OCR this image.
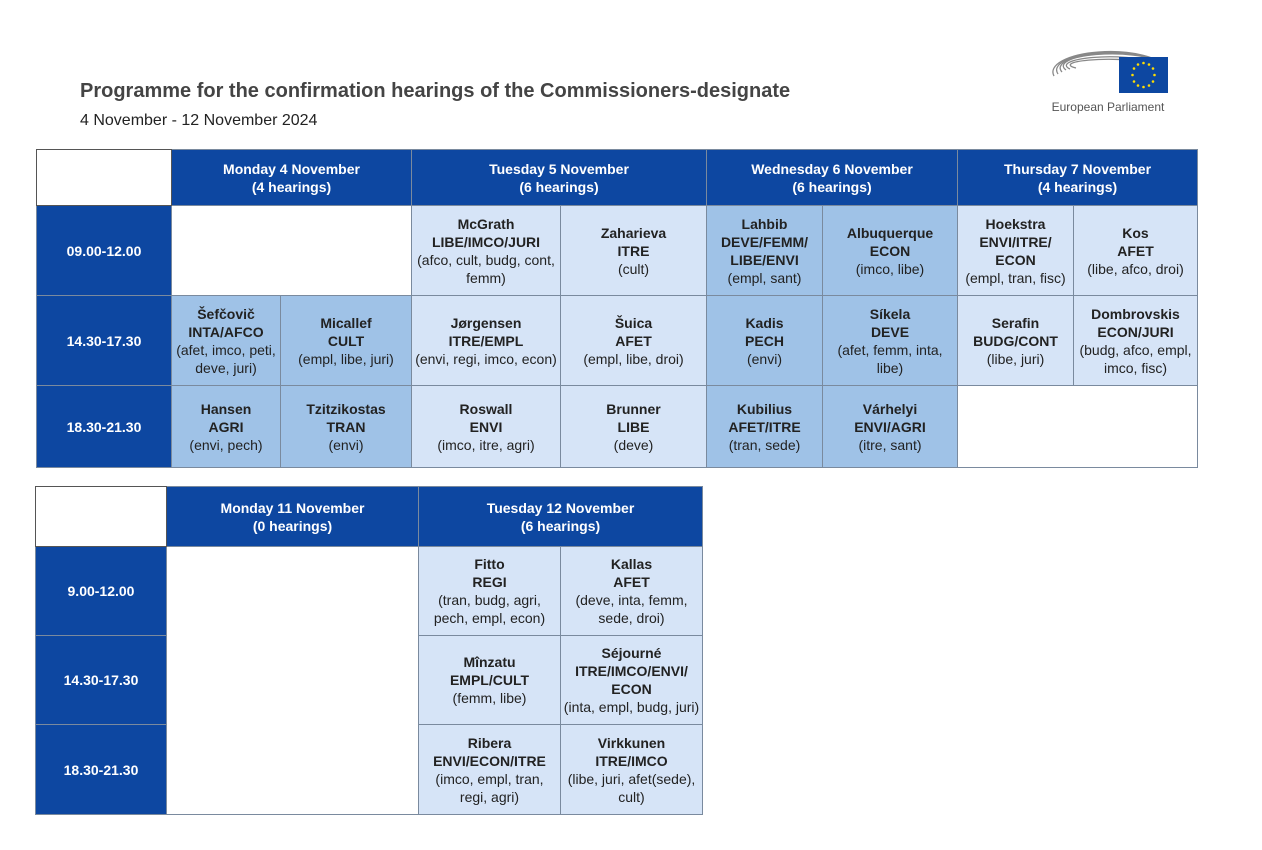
Programme for the confirmation hearings of the Commissioners-designate
4 November - 12 November 2024
European Parliament

	Monday 4 November
(4 hearings)		Tuesday 5 November
(6 hearings)		Wednesday 6 November
(6 hearings)		Thursday 7 November
(4 hearings)	

09.00-12.00			McGrath
LIBE/IMCO/JURI
(afco, cult, budg, cont, femm)	Zaharieva
ITRE
(cult)	Lahbib
DEVE/FEMM/ LIBE/ENVI
(empl, sant)	Albuquerque
ECON
(imco, libe)	Hoekstra
ENVI/ITRE/ ECON
(empl, tran, fisc)	Kos
AFET
(libe, afco, droi)

14.30-17.30	Šefčovič
INTA/AFCO
(afet, imco, peti, deve, juri)	Micallef
CULT
(empl, libe, juri)	Jørgensen
ITRE/EMPL
(envi, regi, imco, econ)	Šuica
AFET
(empl, libe, droi)	Kadis
PECH
(envi)	Síkela
DEVE
(afet, femm, inta, libe)	Serafin
BUDG/CONT
(libe, juri)	Dombrovskis
ECON/JURI
(budg, afco, empl, imco, fisc)

18.30-21.30	Hansen
AGRI
(envi, pech)	Tzitzikostas
TRAN
(envi)	Roswall
ENVI
(imco, itre, agri)	Brunner
LIBE
(deve)	Kubilius
AFET/ITRE
(tran, sede)	Várhelyi
ENVI/AGRI
(itre, sant)		

	Monday 11 November
(0 hearings)	Tuesday 12 November
(6 hearings)	

9.00-12.00		Fitto
REGI
(tran, budg, agri, pech, empl, econ)	Kallas
AFET
(deve, inta, femm, sede, droi)

14.30-17.30		Mînzatu
EMPL/CULT
(femm, libe)	Séjourné
ITRE/IMCO/ENVI/ ECON
(inta, empl, budg, juri)

18.30-21.30		Ribera
ENVI/ECON/ITRE
(imco, empl, tran, regi, agri)	Virkkunen
ITRE/IMCO
(libe, juri, afet(sede), cult)
